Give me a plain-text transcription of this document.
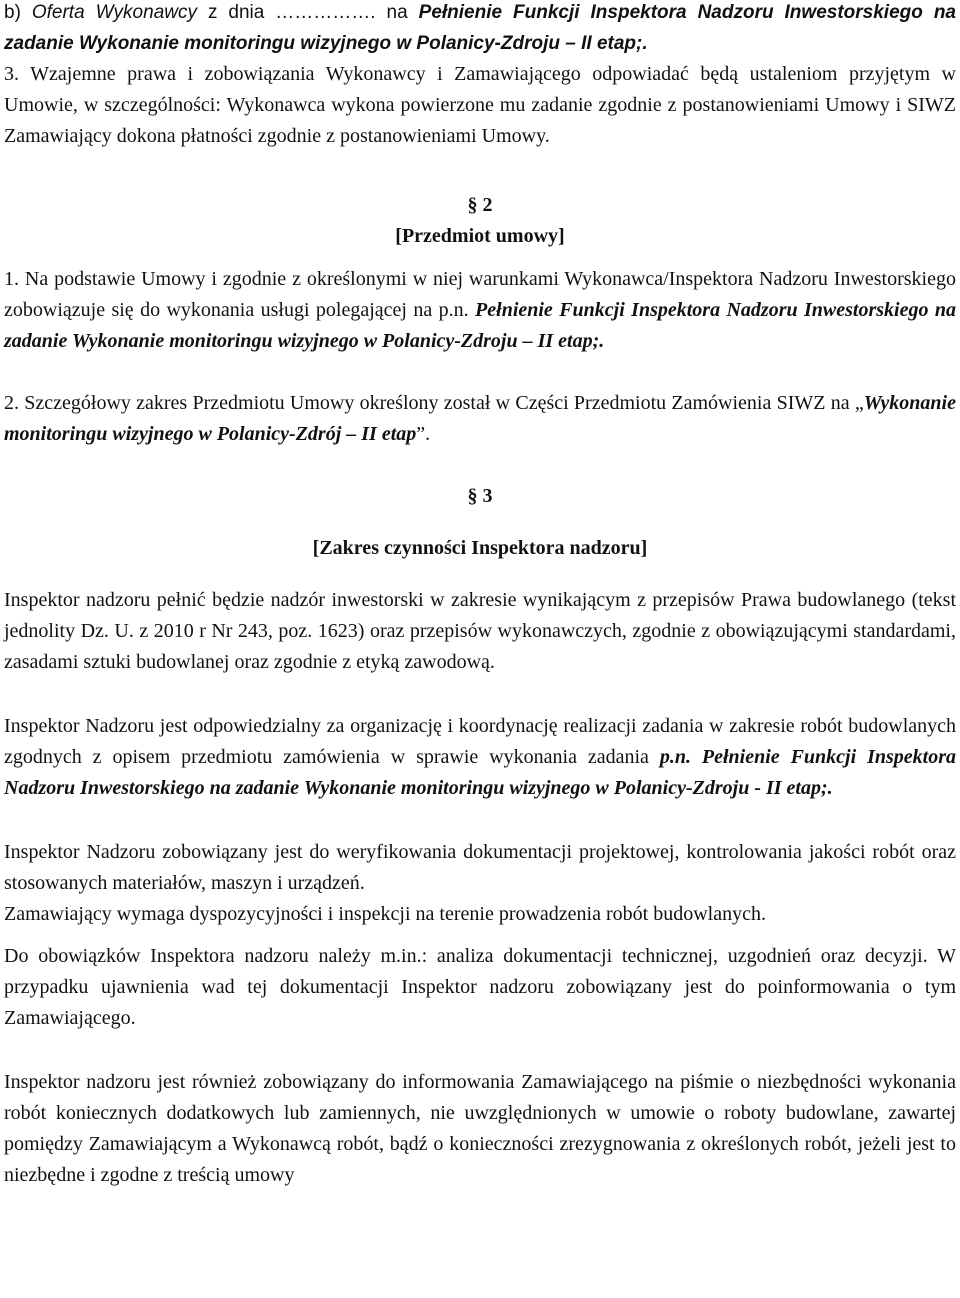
b) Oferta Wykonawcy z dnia ……………. na Pełnienie Funkcji Inspektora Nadzoru Inwestorskiego na zadanie Wykonanie monitoringu wizyjnego w Polanicy-Zdroju – II etap;.

3. Wzajemne prawa i zobowiązania Wykonawcy i Zamawiającego odpowiadać będą ustaleniom przyjętym w Umowie, w szczególności: Wykonawca wykona powierzone mu zadanie zgodnie z postanowieniami Umowy i SIWZ Zamawiający dokona płatności zgodnie z postanowieniami Umowy.

§ 2

[Przedmiot umowy]

1. Na podstawie Umowy i zgodnie z określonymi w niej warunkami Wykonawca/Inspektora Nadzoru Inwestorskiego zobowiązuje się do wykonania usługi polegającej na p.n. Pełnienie Funkcji Inspektora Nadzoru Inwestorskiego na zadanie Wykonanie monitoringu wizyjnego w Polanicy-Zdroju – II etap;.

2. Szczegółowy zakres Przedmiotu Umowy określony został w Części Przedmiotu Zamówienia SIWZ na „Wykonanie monitoringu wizyjnego w Polanicy-Zdrój – II etap”.

§ 3

[Zakres czynności Inspektora nadzoru]

Inspektor nadzoru pełnić będzie nadzór inwestorski w zakresie wynikającym z przepisów Prawa budowlanego (tekst jednolity Dz. U. z 2010 r Nr 243, poz. 1623) oraz przepisów wykonawczych, zgodnie z obowiązującymi standardami, zasadami sztuki budowlanej oraz zgodnie z etyką zawodową.

Inspektor Nadzoru jest odpowiedzialny za organizację i koordynację realizacji zadania w zakresie robót budowlanych zgodnych z opisem przedmiotu zamówienia w sprawie wykonania zadania p.n. Pełnienie Funkcji Inspektora Nadzoru Inwestorskiego na zadanie Wykonanie monitoringu wizyjnego w Polanicy-Zdroju - II etap;.

Inspektor Nadzoru zobowiązany jest do weryfikowania dokumentacji projektowej, kontrolowania jakości robót oraz stosowanych materiałów, maszyn i urządzeń.

Zamawiający wymaga dyspozycyjności i inspekcji na terenie prowadzenia robót budowlanych.

Do obowiązków Inspektora nadzoru należy m.in.: analiza dokumentacji technicznej, uzgodnień oraz decyzji. W przypadku ujawnienia wad tej dokumentacji Inspektor nadzoru zobowiązany jest do poinformowania o tym Zamawiającego.

Inspektor nadzoru jest również zobowiązany do informowania Zamawiającego na piśmie o niezbędności wykonania robót koniecznych dodatkowych lub zamiennych, nie uwzględnionych w umowie o roboty budowlane, zawartej pomiędzy Zamawiającym a Wykonawcą robót, bądź o konieczności zrezygnowania z określonych robót, jeżeli jest to niezbędne i zgodne z treścią umowy
